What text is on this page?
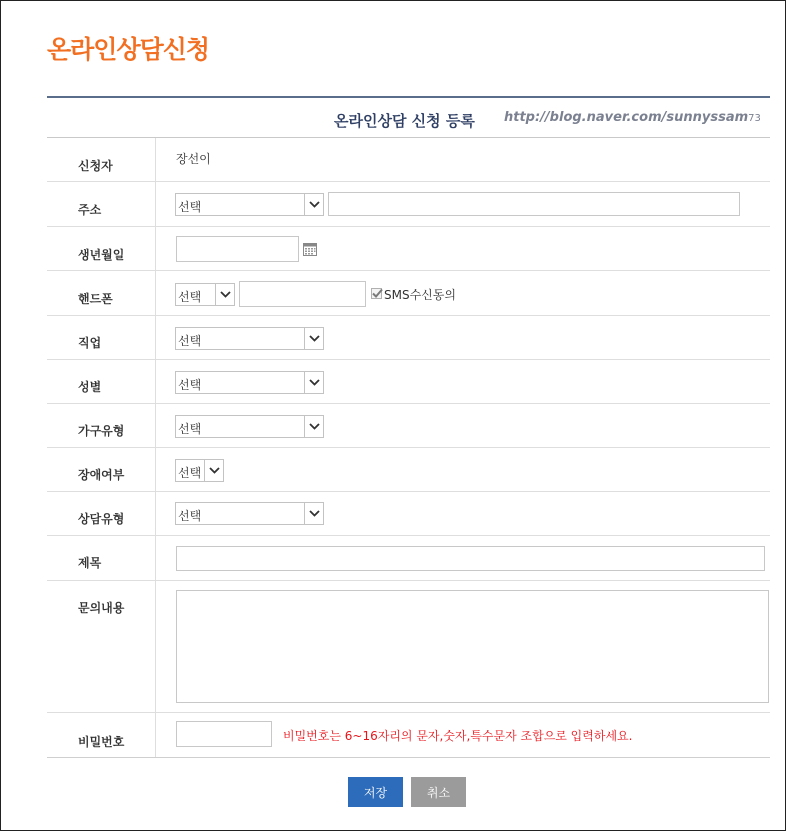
온라인상담신청
온라인상담 신청 등록 http://blog.naver.com/sunnyssam73
신청자	장선이
주소	선택
생년월일
핸드폰	선택	SMS수신동의
직업	선택
성별	선택
가구유형	선택
장애여부	선택
상담유형	선택
제목
문의내용
비밀번호	비밀번호는 6~16자리의 문자,숫자,특수문자 조합으로 입력하세요.
저장	취소
